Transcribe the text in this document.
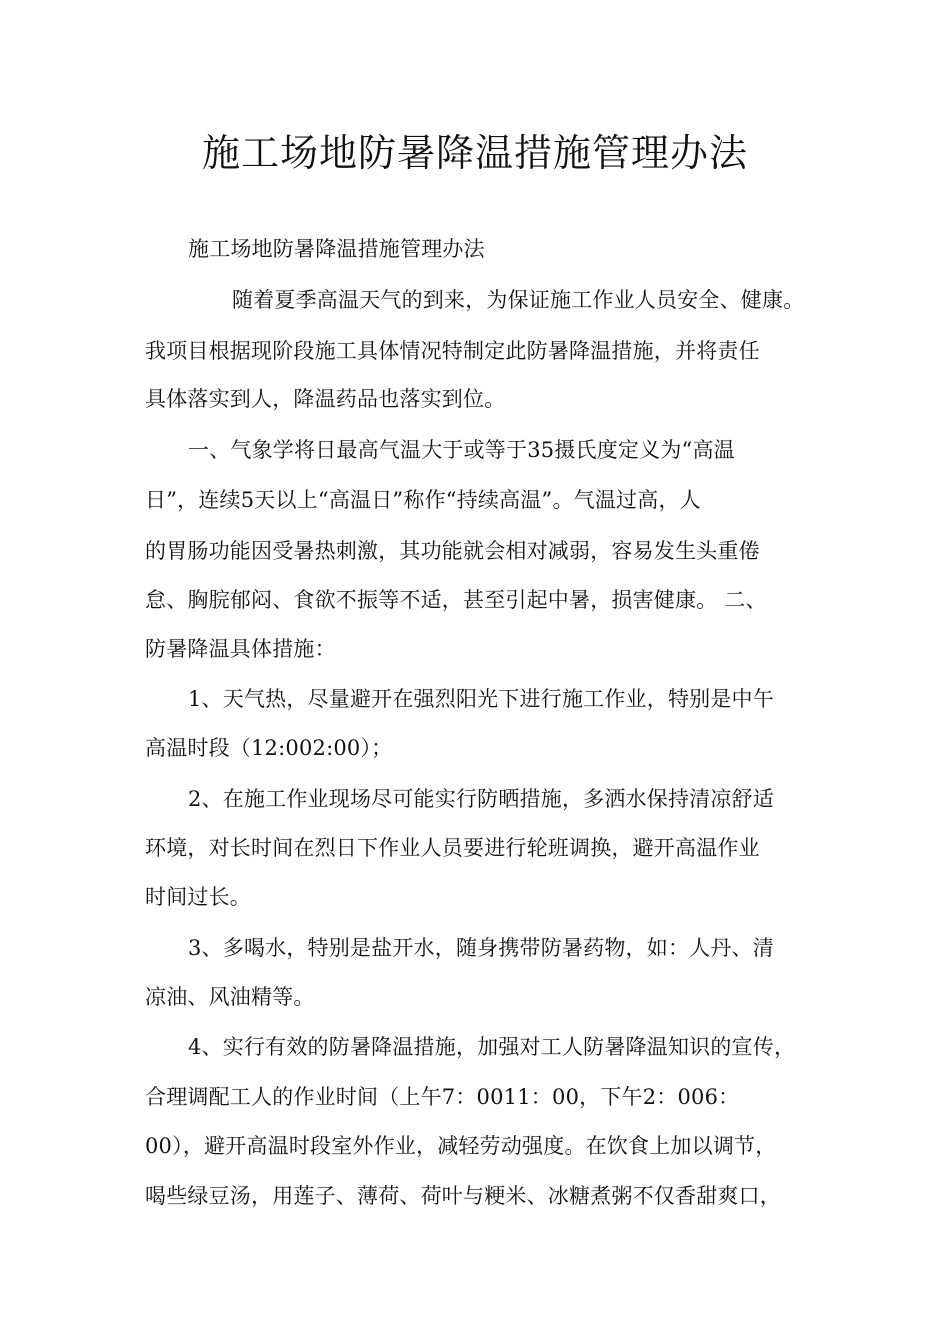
施工场地防暑降温措施管理办法
施工场地防暑降温措施管理办法
随着夏季高温天气的到来，为保证施工作业人员安全、健康。
我项目根据现阶段施工具体情况特制定此防暑降温措施，并将责任
具体落实到人，降温药品也落实到位。
一、气象学将日最高气温大于或等于35摄氏度定义为“高温
日”，连续5天以上“高温日”称作“持续高温”。气温过高，人
的胃肠功能因受暑热刺激，其功能就会相对减弱，容易发生头重倦
怠、胸脘郁闷、食欲不振等不适，甚至引起中暑，损害健康。 二、
防暑降温具体措施：
1、天气热，尽量避开在强烈阳光下进行施工作业，特别是中午
高温时段（12:002:00）；
2、在施工作业现场尽可能实行防晒措施，多洒水保持清凉舒适
环境，对长时间在烈日下作业人员要进行轮班调换，避开高温作业
时间过长。
3、多喝水，特别是盐开水，随身携带防暑药物，如：人丹、清
凉油、风油精等。
4、实行有效的防暑降温措施，加强对工人防暑降温知识的宣传，
合理调配工人的作业时间（上午7：0011：00，下午2：006：
00），避开高温时段室外作业，减轻劳动强度。在饮食上加以调节，
喝些绿豆汤，用莲子、薄荷、荷叶与粳米、冰糖煮粥不仅香甜爽口，
